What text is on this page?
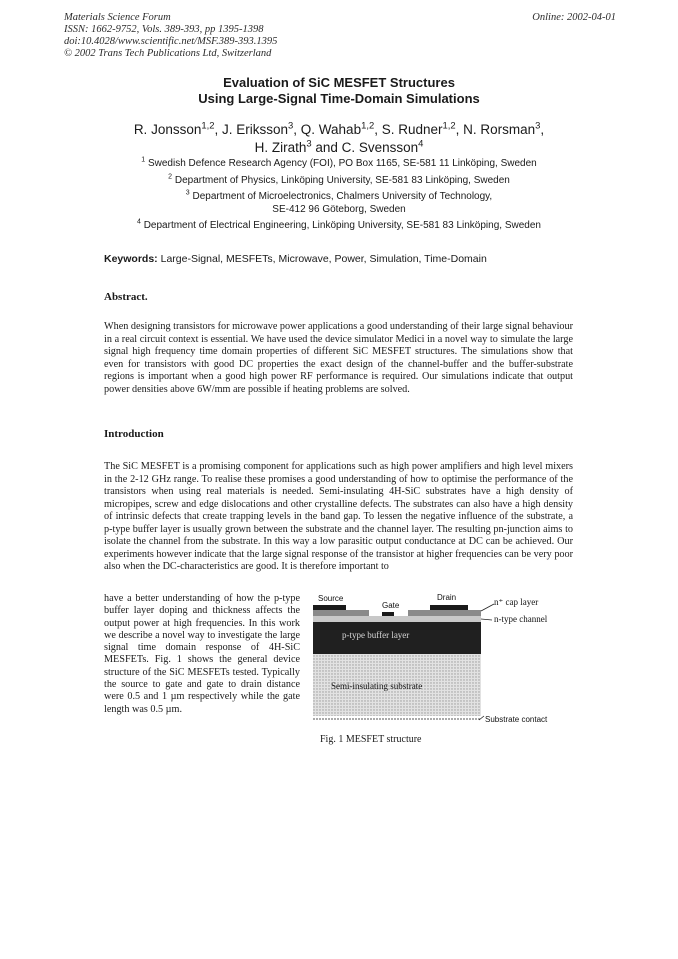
Materials Science Forum
ISSN: 1662-9752, Vols. 389-393, pp 1395-1398
doi:10.4028/www.scientific.net/MSF.389-393.1395
© 2002 Trans Tech Publications Ltd, Switzerland
Online: 2002-04-01
Evaluation of SiC MESFET Structures
Using Large-Signal Time-Domain Simulations
R. Jonsson$^{1,2}$, J. Eriksson$^3$, Q. Wahab$^{1,2}$, S. Rudner$^{1,2}$, N. Rorsman$^3$,
H. Zirath$^3$ and C. Svensson$^4$
$^1$ Swedish Defence Research Agency (FOI), PO Box 1165, SE-581 11 Linköping, Sweden
$^2$ Department of Physics, Linköping University, SE-581 83 Linköping, Sweden
$^3$ Department of Microelectronics, Chalmers University of Technology,
SE-412 96 Göteborg, Sweden
$^4$ Department of Electrical Engineering, Linköping University, SE-581 83 Linköping, Sweden
Keywords: Large-Signal, MESFETs, Microwave, Power, Simulation, Time-Domain
Abstract.
When designing transistors for microwave power applications a good understanding of their large signal behaviour in a real circuit context is essential. We have used the device simulator Medici in a novel way to simulate the large signal high frequency time domain properties of different SiC MESFET structures. The simulations show that even for transistors with good DC properties the exact design of the channel-buffer and the buffer-substrate regions is important when a good high power RF performance is required. Our simulations indicate that output power densities above 6W/mm are possible if heating problems are solved.
Introduction
The SiC MESFET is a promising component for applications such as high power amplifiers and high level mixers in the 2-12 GHz range. To realise these promises a good understanding of how to optimise the performance of the transistors when using real materials is needed. Semi-insulating 4H-SiC substrates have a high density of micropipes, screw and edge dislocations and other crystalline defects. The substrates can also have a high density of intrinsic defects that create trapping levels in the band gap. To lessen the negative influence of the substrate, a p-type buffer layer is usually grown between the substrate and the channel layer. The resulting pn-junction aims to isolate the channel from the substrate. In this way a low parasitic output conductance at DC can be achieved. Our experiments however indicate that the large signal response of the transistor at higher frequencies can be very poor also when the DC-characteristics are good. It is therefore important to
have a better understanding of how the p-type buffer layer doping and thickness affects the output power at high frequencies. In this work we describe a novel way to investigate the large signal time domain response of 4H-SiC MESFETs. Fig. 1 shows the general device structure of the SiC MESFETs tested. Typically the source to gate and gate to drain distance were 0.5 and 1 µm respectively while the gate length was 0.5 µm.
Source
Gate
Drain	n⁺ cap layer
n-type channel
p-type buffer layer
Semi-insulating substrate
Substrate contact
Fig. 1 MESFET structure
